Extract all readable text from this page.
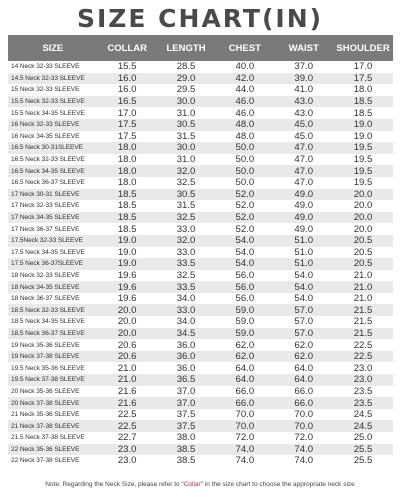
SIZE CHART(IN)
SIZE	COLLAR	LENGTH	CHEST	WAIST	SHOULDER
14 Neck 32-33 SLEEVE	15.5	28.5	40.0	37.0	17.0
14.5 Neck 32-33 SLEEVE	16.0	29.0	42.0	39.0	17.5
15 Neck 32-33 SLEEVE	16.0	29.5	44.0	41.0	18.0
15.5 Neck 32-33 SLEEVE	16.5	30.0	46.0	43.0	18.5
15.5 Neck 34-35 SLEEVE	17.0	31.0	46.0	43.0	18.5
16 Neck 32-33 SLEEVE	17.5	30.5	48.0	45.0	19.0
16 Neck 34-35 SLEEVE	17.5	31.5	48.0	45.0	19.0
16.5 Neck 30-31SLEEVE	18.0	30.0	50.0	47.0	19.5
16.5 Neck 32-33 SLEEVE	18.0	31.0	50.0	47.0	19.5
16.5 Neck 34-35 SLEEVE	18.0	32.0	50.0	47.0	19.5
16.5 Neck 36-37 SLEEVE	18.0	32.5	50.0	47.0	19.5
17 Neck 30-31 SLEEVE	18.5	30.5	52.0	49.0	20.0
17 Neck 32-33 SLEEVE	18.5	31.5	52.0	49.0	20.0
17 Neck 34-35 SLEEVE	18.5	32.5	52.0	49.0	20.0
17 Neck 36-37 SLEEVE	18.5	33.0	52.0	49.0	20.0
17.5Neck 32-33 SLEEVE	19.0	32.0	54.0	51.0	20.5
17.5 Neck 34-35 SLEEVE	19.0	33.0	54.0	51.0	20.5
17.5 Neck 36-37SLEEVE	19.0	33.5	54.0	51.0	20.5
18 Neck 32-33 SLEEVE	19.6	32.5	56.0	54.0	21.0
18 Neck 34-35 SLEEVE	19.6	33.5	56.0	54.0	21.0
18 Neck 36-37 SLEEVE	19.6	34.0	56.0	54.0	21.0
18.5 Neck 32-33 SLEEVE	20.0	33.0	59.0	57.0	21.5
18.5 Neck 34-35 SLEEVE	20.0	34.0	59.0	57.0	21.5
18.5 Neck 36-37 SLEEVE	20.0	34.5	59.0	57.0	21.5
19 Neck 35-36 SLEEVE	20.6	36.0	62.0	62.0	22.5
19 Neck 37-38 SLEEVE	20.6	36.0	62.0	62.0	22.5
19.5 Neck 35-36 SLEEVE	21.0	36.0	64.0	64.0	23.0
19.5 Neck 37-38 SLEEVE	21.0	36.5	64.0	64.0	23.0
20 Neck 35-36 SLEEVE	21.6	37.0	66.0	66.0	23.5
20 Neck 37-38 SLEEVE	21.6	37.0	66.0	66.0	23.5
21 Neck 35-36 SLEEVE	22.5	37.5	70.0	70.0	24.5
21 Neck 37-38 SLEEVE	22.5	37.5	70.0	70.0	24.5
21.5 Neck 37-38 SLEEVE	22.7	38.0	72.0	72.0	25.0
22 Neck 35-36 SLEEVE	23.0	38.5	74.0	74.0	25.5
22 Neck 37-38 SLEEVE	23.0	38.5	74.0	74.0	25.5
Note: Regarding the Neck Size, please refer to "Collar" in the size chart to choose the appropriate neck size
